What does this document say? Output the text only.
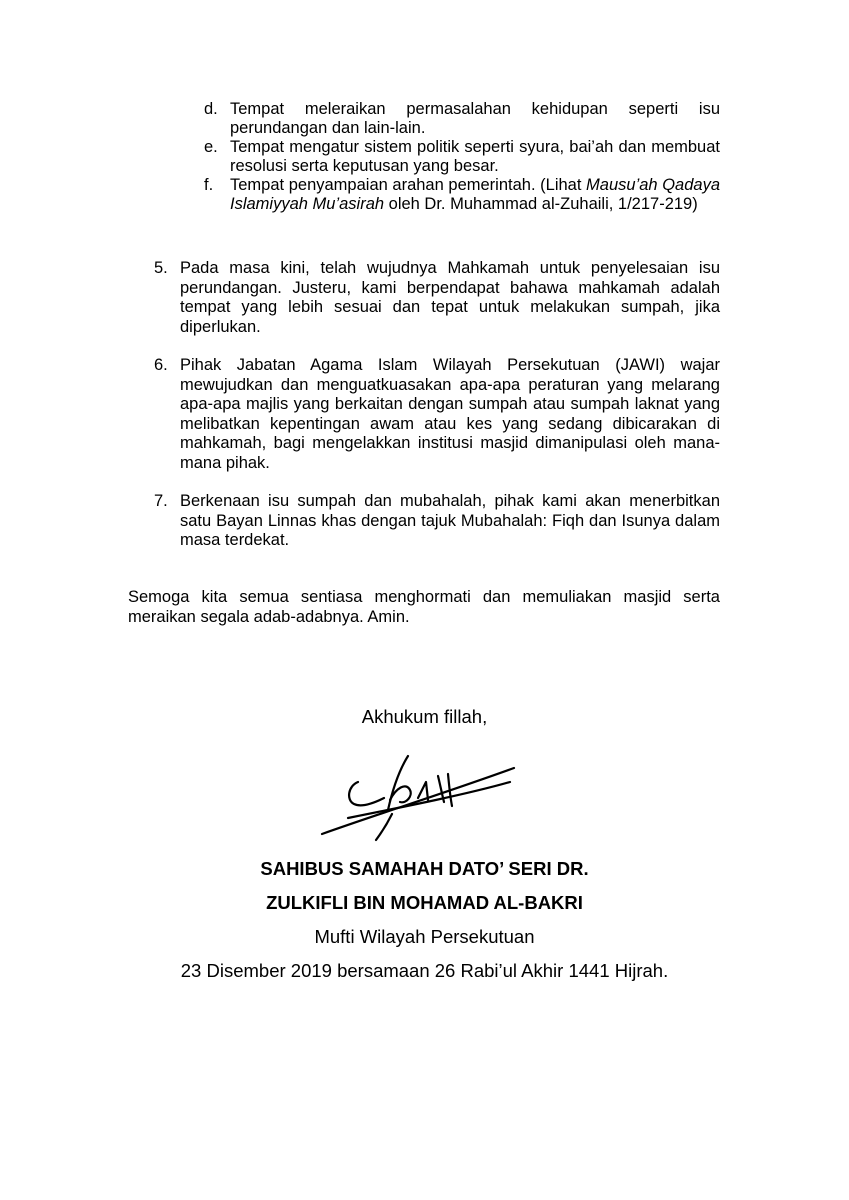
d. Tempat meleraikan permasalahan kehidupan seperti isu perundangan dan lain-lain.
e. Tempat mengatur sistem politik seperti syura, bai’ah dan membuat resolusi serta keputusan yang besar.
f. Tempat penyampaian arahan pemerintah. (Lihat Mausu’ah Qadaya Islamiyyah Mu’asirah oleh Dr. Muhammad al-Zuhaili, 1/217-219)
5. Pada masa kini, telah wujudnya Mahkamah untuk penyelesaian isu perundangan. Justeru, kami berpendapat bahawa mahkamah adalah tempat yang lebih sesuai dan tepat untuk melakukan sumpah, jika diperlukan.
6. Pihak Jabatan Agama Islam Wilayah Persekutuan (JAWI) wajar mewujudkan dan menguatkuasakan apa-apa peraturan yang melarang apa-apa majlis yang berkaitan dengan sumpah atau sumpah laknat yang melibatkan kepentingan awam atau kes yang sedang dibicarakan di mahkamah, bagi mengelakkan institusi masjid dimanipulasi oleh mana-mana pihak.
7. Berkenaan isu sumpah dan mubahalah, pihak kami akan menerbitkan satu Bayan Linnas khas dengan tajuk Mubahalah: Fiqh dan Isunya dalam masa terdekat.
Semoga kita semua sentiasa menghormati dan memuliakan masjid serta meraikan segala adab-adabnya. Amin.
Akhukum fillah,
SAHIBUS SAMAHAH DATO’ SERI DR.
ZULKIFLI BIN MOHAMAD AL-BAKRI
Mufti Wilayah Persekutuan
23 Disember 2019 bersamaan 26 Rabi’ul Akhir 1441 Hijrah.
